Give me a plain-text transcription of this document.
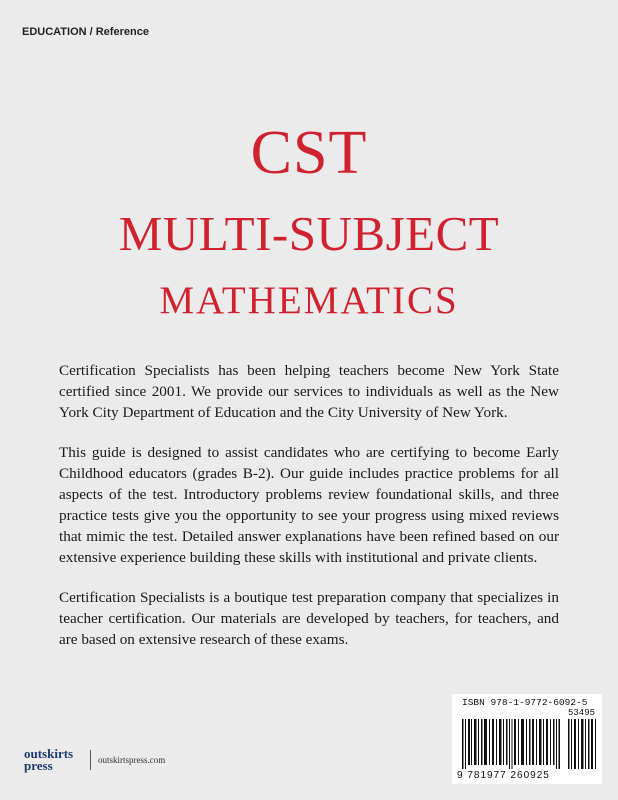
EDUCATION / Reference
CST
MULTI-SUBJECT
MATHEMATICS

Certification Specialists has been helping teachers become New York State certified since 2001. We provide our services to individuals as well as the New York City Department of Education and the City University of New York.

This guide is designed to assist candidates who are certifying to become Early Childhood educators (grades B-2). Our guide includes practice problems for all aspects of the test. Introductory problems review foundational skills, and three practice tests give you the opportunity to see your progress using mixed reviews that mimic the test. Detailed answer explanations have been refined based on our extensive experience building these skills with institutional and private clients.

Certification Specialists is a boutique test preparation company that specializes in teacher certification. Our materials are developed by teachers, for teachers, and are based on extensive research of these exams.

ISBN 978-1-9772-6092-5
53495
9 781977 260925
outskirts
press	outskirtspress.com
